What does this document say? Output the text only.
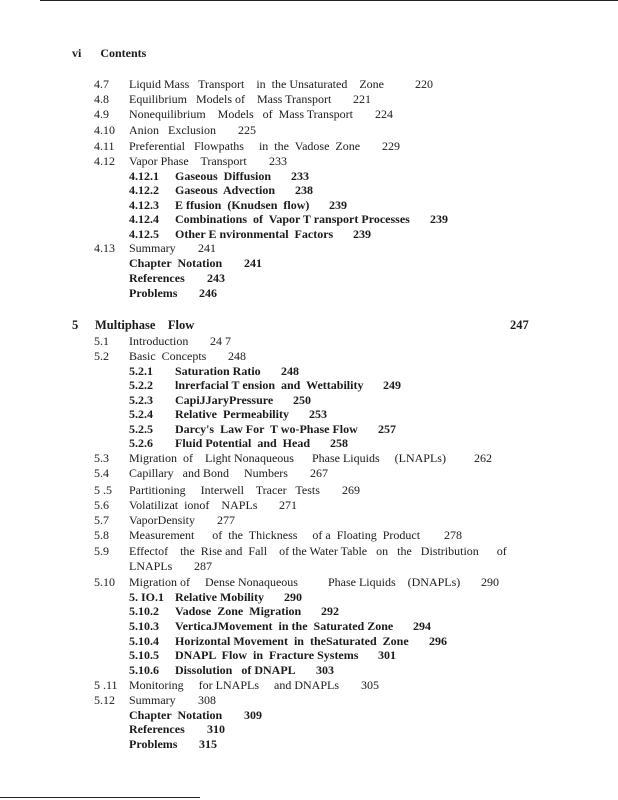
vi Contents
4.7 Liquid Mass   Transport    in  the Unsaturated    Zone	220
4.8 Equilibrium   Models of    Mass Transport 221
4.9 Nonequilibrium    Models   of  Mass Transport 224
4.10 Anion   Exclusion 225
4.11 Preferential   Flowpaths     in  the  Vadose  Zone 229
4.12 Vapor Phase    Transport 233
4.12.1 Gaseous  Diffusion 233
4.12.2 Gaseous  Advection 238
4.12.3 E ffusion  (Knudsen  flow) 239
4.12.4 Combinations  of  Vapor T ransport Processes 239
4.12.5 Other E nvironmental  Factors 239
4.13 Summary 241
Chapter  Notation 241
References 243
Problems 246
5 Multiphase    Flow	247
5.1 Introduction 24 7
5.2 Basic  Concepts 248
5.2.1 Saturation Ratio 248
5.2.2 lnrerfacial T ension  and  Wettability 249
5.2.3 CapiJJaryPressure 250
5.2.4 Relative  Permeability 253
5.2.5 Darcy's  Law For  T wo-Phase Flow 257
5.2.6 Fluid Potential  and  Head 258
5.3 Migration  of    Light Nonaqueous      Phase Liquids     (LNAPLs) 262
5.4 Capillary   and Bond     Numbers 267
5 .5 Partitioning     Interwell    Tracer   Tests 269
5.6 Volatilizat  ionof    NAPLs 271
5.7 VaporDensity 277
5.8 Measurement      of  the  Thickness     of a  Floating  Product 278
5.9 Effectof    the  Rise and  Fall    of the Water Table   on   the   Distribution      of
LNAPLs 287
5.10 Migration of     Dense Nonaqueous          Phase Liquids    (DNAPLs) 290
5. IO.1 Relative Mobility 290
5.10.2 Vadose  Zone  Migration 292
5.10.3 VerticaJMovement  in the  Saturated Zone 294
5.10.4 Horizontal Movement  in  theSaturated  Zone 296
5.10.5 DNAPL  Flow  in  Fracture Systems 301
5.10.6 Dissolution   of DNAPL 303
5 .11 Monitoring     for LNAPLs     and DNAPLs 305
5.12 Summary 308
Chapter  Notation 309
References 310
Problems 315
